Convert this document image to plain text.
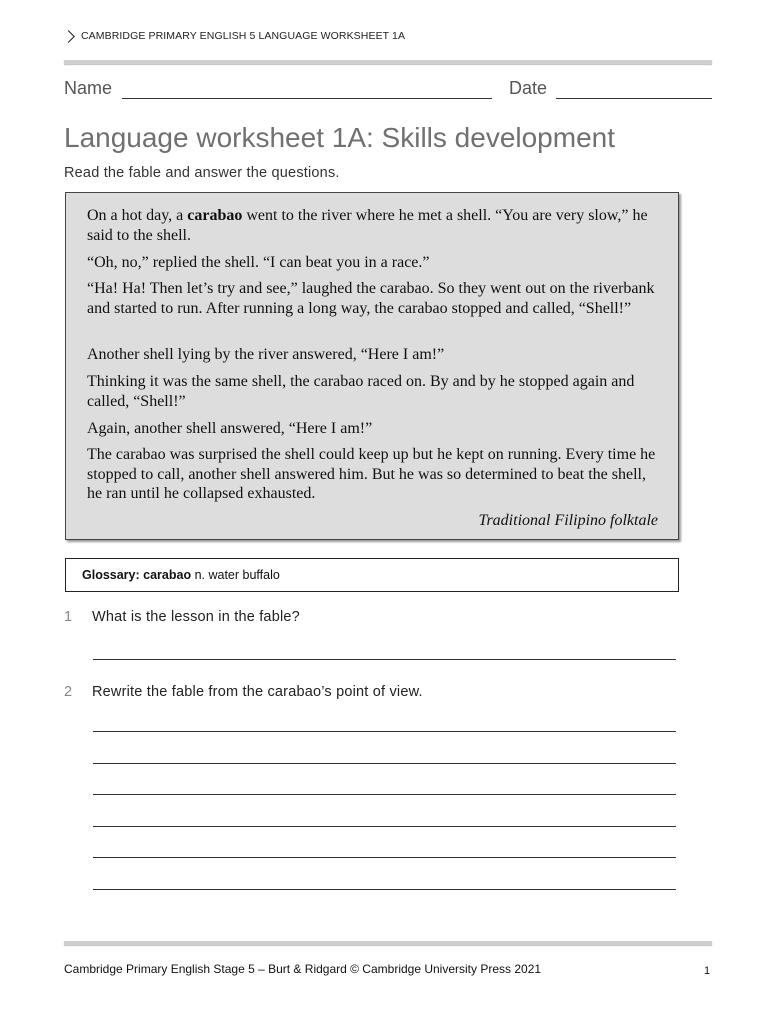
CAMBRIDGE PRIMARY ENGLISH 5 LANGUAGE WORKSHEET 1A
Name	Date
Language worksheet 1A: Skills development
Read the fable and answer the questions.

On a hot day, a carabao went to the river where he met a shell. “You are very slow,” he said to the shell.

“Oh, no,” replied the shell. “I can beat you in a race.”

“Ha! Ha! Then let’s try and see,” laughed the carabao. So they went out on the riverbank and started to run. After running a long way, the carabao stopped and called, “Shell!”

Another shell lying by the river answered, “Here I am!”

Thinking it was the same shell, the carabao raced on. By and by he stopped again and called, “Shell!”

Again, another shell answered, “Here I am!”

The carabao was surprised the shell could keep up but he kept on running. Every time he stopped to call, another shell answered him. But he was so determined to beat the shell, he ran until he collapsed exhausted.

Traditional Filipino folktale
Glossary: carabao n. water buffalo
1 What is the lesson in the fable?
2 Rewrite the fable from the carabao’s point of view.
Cambridge Primary English Stage 5 – Burt & Ridgard © Cambridge University Press 2021	1
